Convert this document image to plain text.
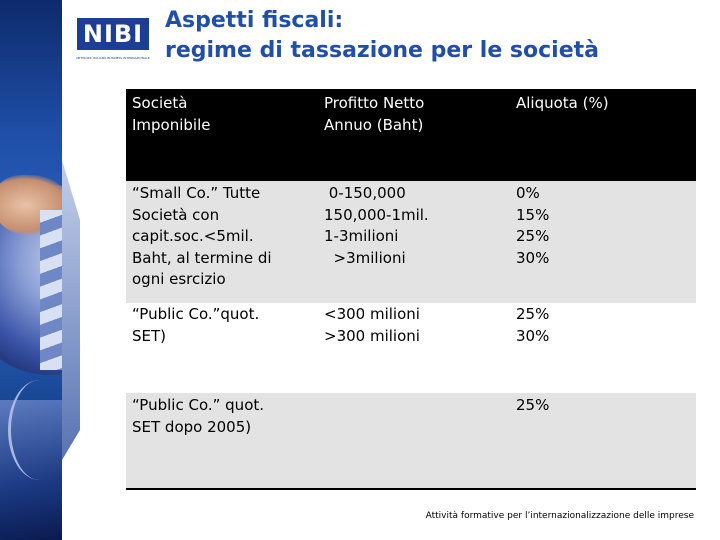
NIBI
NETWORK ITALIANO BUSINESS INTERNAZIONALE
Aspetti fiscali:
regime di tassazione per le società
Società
Imponibile
Profitto Netto
Annuo (Baht)
Aliquota (%)
“Small Co.” Tutte
Società con
capit.soc.<5mil.
Baht, al termine di
ogni esrcizio
0-150,000
150,000-1mil.
1-3milioni
>3milioni
0%
15%
25%
30%
“Public Co.”quot.
SET)
<300 milioni
>300 milioni
25%
30%
“Public Co.” quot.
SET dopo 2005)
25%
Attività formative per l’internazionalizzazione delle imprese
